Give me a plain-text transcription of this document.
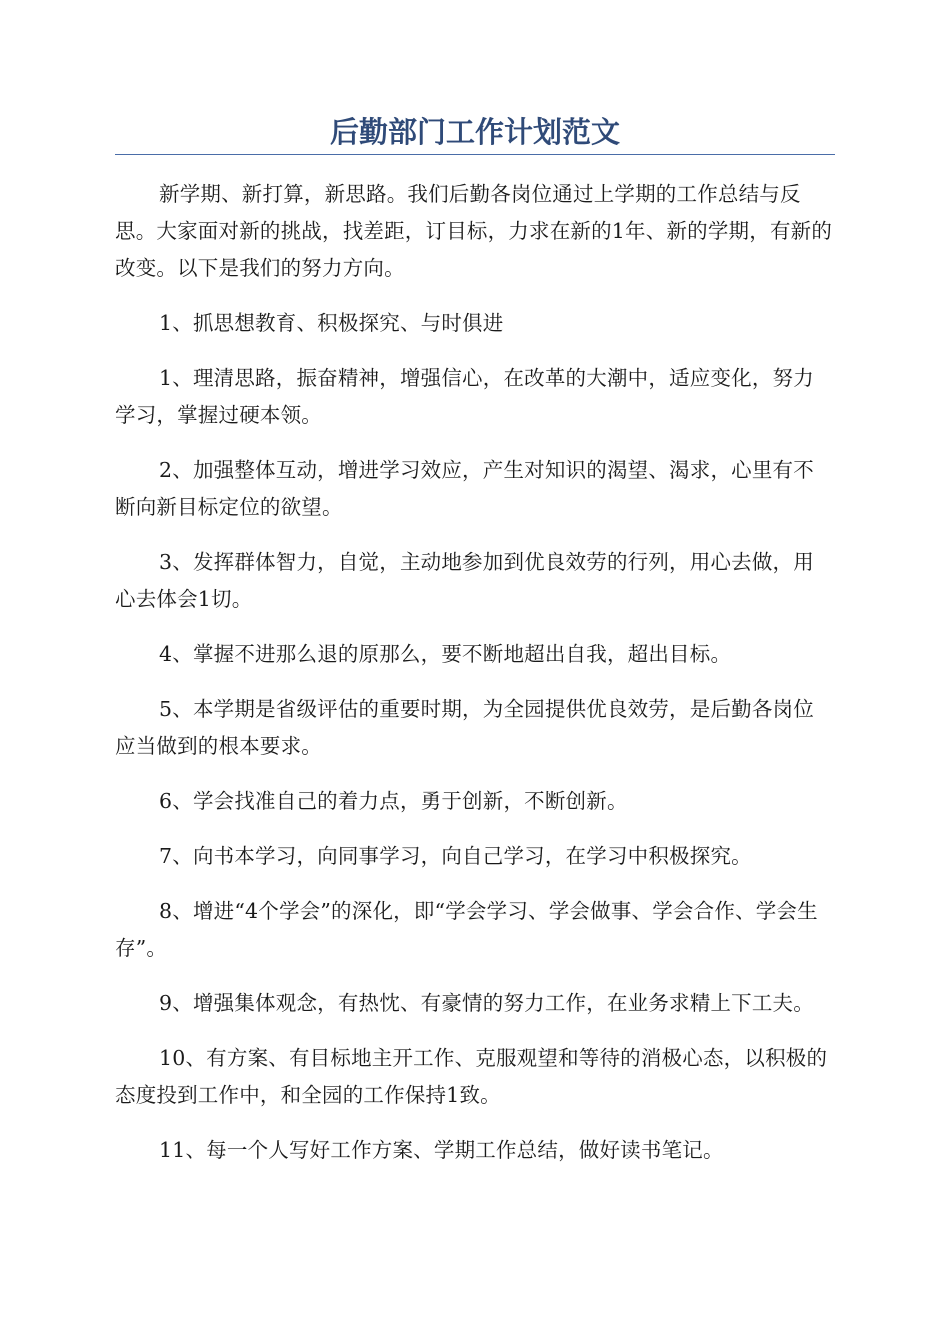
后勤部门工作计划范文

新学期、新打算，新思路。我们后勤各岗位通过上学期的工作总结与反思。大家面对新的挑战，找差距，订目标，力求在新的1年、新的学期，有新的改变。以下是我们的努力方向。

1、抓思想教育、积极探究、与时俱进

1、理清思路，振奋精神，增强信心，在改革的大潮中，适应变化，努力学习，掌握过硬本领。

2、加强整体互动，增进学习效应，产生对知识的渴望、渴求，心里有不断向新目标定位的欲望。

3、发挥群体智力，自觉，主动地参加到优良效劳的行列，用心去做，用心去体会1切。

4、掌握不进那么退的原那么，要不断地超出自我，超出目标。

5、本学期是省级评估的重要时期，为全园提供优良效劳，是后勤各岗位应当做到的根本要求。

6、学会找准自己的着力点，勇于创新，不断创新。

7、向书本学习，向同事学习，向自己学习，在学习中积极探究。

8、增进“4个学会”的深化，即“学会学习、学会做事、学会合作、学会生存”。

9、增强集体观念，有热忱、有豪情的努力工作，在业务求精上下工夫。

10、有方案、有目标地主开工作、克服观望和等待的消极心态，以积极的态度投到工作中，和全园的工作保持1致。

11、每一个人写好工作方案、学期工作总结，做好读书笔记。
